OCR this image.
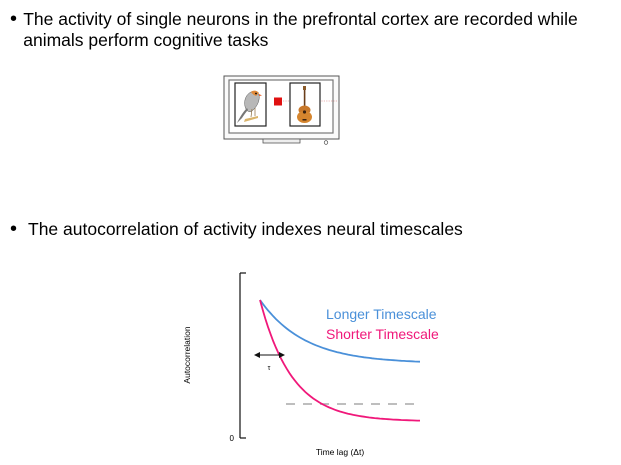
• The activity of single neurons in the prefrontal cortex are recorded while animals perform cognitive tasks
• The autocorrelation of activity indexes neural timescales
0
Autocorrelation
Time lag (Δt)
τ
Longer Timescale
Shorter Timescale
